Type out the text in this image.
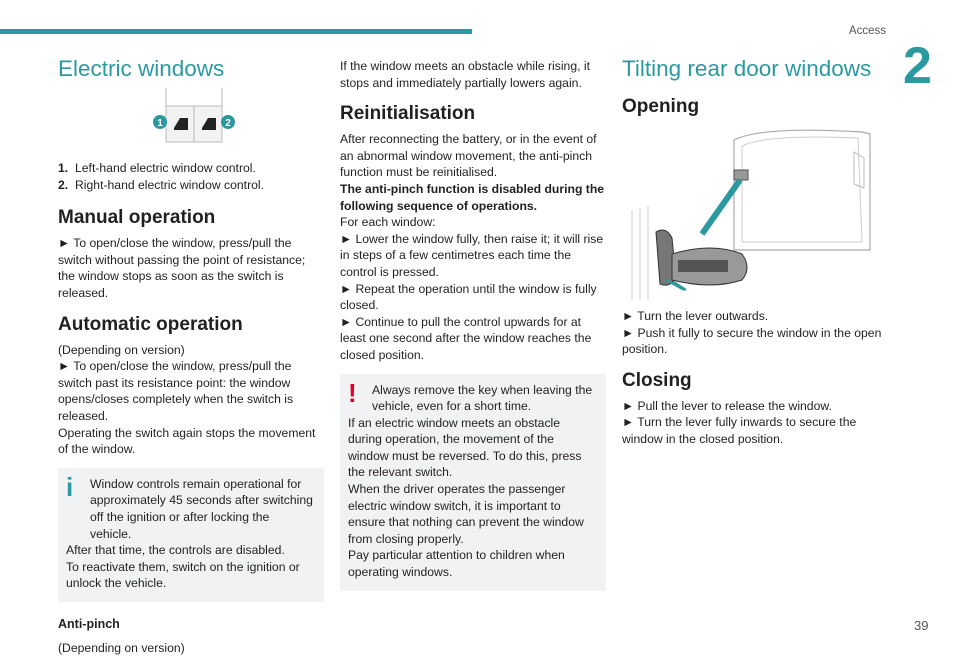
Access
2
39
Electric windows
1	2

1. Left-hand electric window control.

2. Right-hand electric window control.

Manual operation

► To open/close the window, press/pull the switch without passing the point of resistance; the window stops as soon as the switch is released.

Automatic operation

(Depending on version)

► To open/close the window, press/pull the switch past its resistance point: the window opens/closes completely when the switch is released.

Operating the switch again stops the movement of the window.

i	Window controls remain operational for approximately 45 seconds after switching off the ignition or after locking the vehicle.

After that time, the controls are disabled.

To reactivate them, switch on the ignition or unlock the vehicle.

Anti-pinch

(Depending on version)

If the window meets an obstacle while rising, it stops and immediately partially lowers again.

Reinitialisation

After reconnecting the battery, or in the event of an abnormal window movement, the anti-pinch function must be reinitialised.

The anti-pinch function is disabled during the following sequence of operations.

For each window:

► Lower the window fully, then raise it; it will rise in steps of a few centimetres each time the control is pressed.

► Repeat the operation until the window is fully closed.

► Continue to pull the control upwards for at least one second after the window reaches the closed position.

!	Always remove the key when leaving the vehicle, even for a short time.

If an electric window meets an obstacle during operation, the movement of the window must be reversed. To do this, press the relevant switch.

When the driver operates the passenger electric window switch, it is important to ensure that nothing can prevent the window from closing properly.

Pay particular attention to children when operating windows.

Tilting rear door windows
Opening

► Turn the lever outwards.

► Push it fully to secure the window in the open position.

Closing

► Pull the lever to release the window.

► Turn the lever fully inwards to secure the window in the closed position.
